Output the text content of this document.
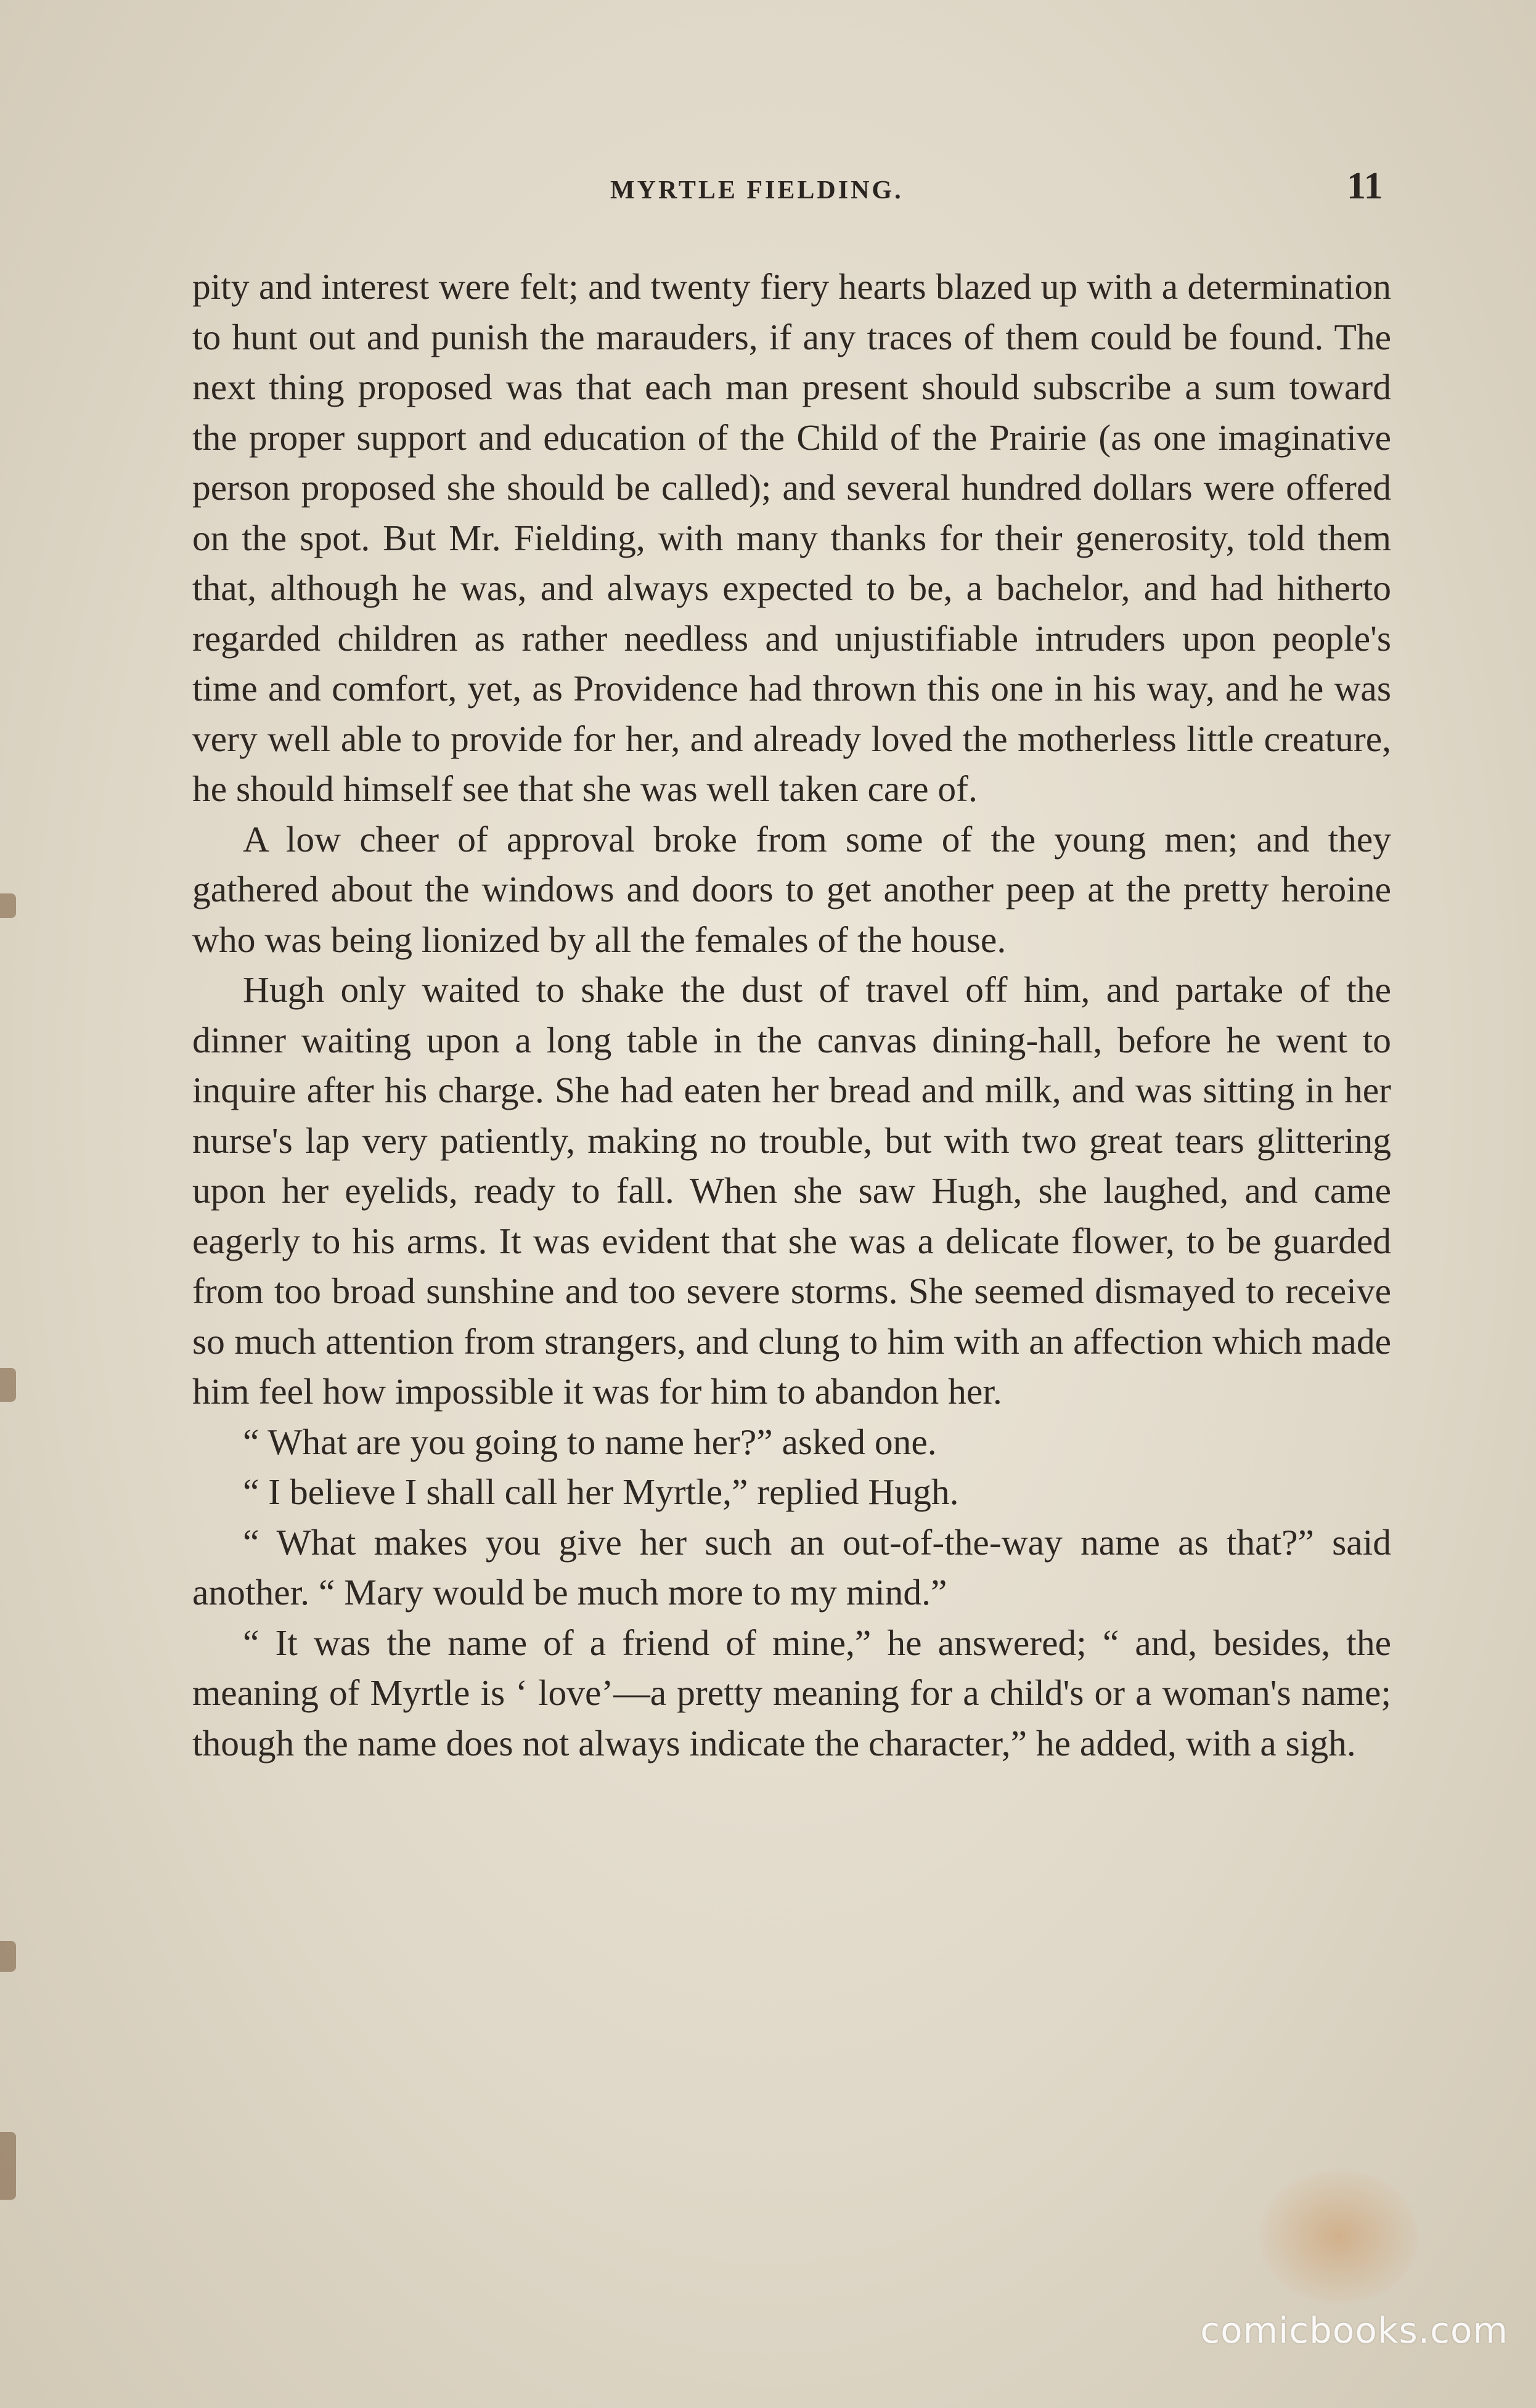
MYRTLE FIELDING.	11

pity and interest were felt; and twenty fiery hearts blazed up with a determination to hunt out and punish the marauders, if any traces of them could be found. The next thing proposed was that each man present should subscribe a sum toward the proper support and education of the Child of the Prairie (as one imaginative person proposed she should be called); and several hundred dollars were offered on the spot. But Mr. Fielding, with many thanks for their generosity, told them that, although he was, and always expected to be, a bachelor, and had hitherto regarded children as rather needless and unjustifiable intruders upon people's time and comfort, yet, as Providence had thrown this one in his way, and he was very well able to provide for her, and already loved the motherless little creature, he should himself see that she was well taken care of.

A low cheer of approval broke from some of the young men; and they gathered about the windows and doors to get another peep at the pretty heroine who was being lionized by all the females of the house.

Hugh only waited to shake the dust of travel off him, and partake of the dinner waiting upon a long table in the canvas dining-hall, before he went to inquire after his charge. She had eaten her bread and milk, and was sitting in her nurse's lap very patiently, making no trouble, but with two great tears glittering upon her eyelids, ready to fall. When she saw Hugh, she laughed, and came eagerly to his arms. It was evident that she was a delicate flower, to be guarded from too broad sunshine and too severe storms. She seemed dismayed to receive so much attention from strangers, and clung to him with an affection which made him feel how impossible it was for him to abandon her.

“ What are you going to name her?” asked one.

“ I believe I shall call her Myrtle,” replied Hugh.

“ What makes you give her such an out-of-the-way name as that?” said another. “ Mary would be much more to my mind.”

“ It was the name of a friend of mine,” he answered; “ and, besides, the meaning of Myrtle is ‘ love’—a pretty meaning for a child's or a woman's name; though the name does not always indicate the character,” he added, with a sigh.

comicbooks.com
